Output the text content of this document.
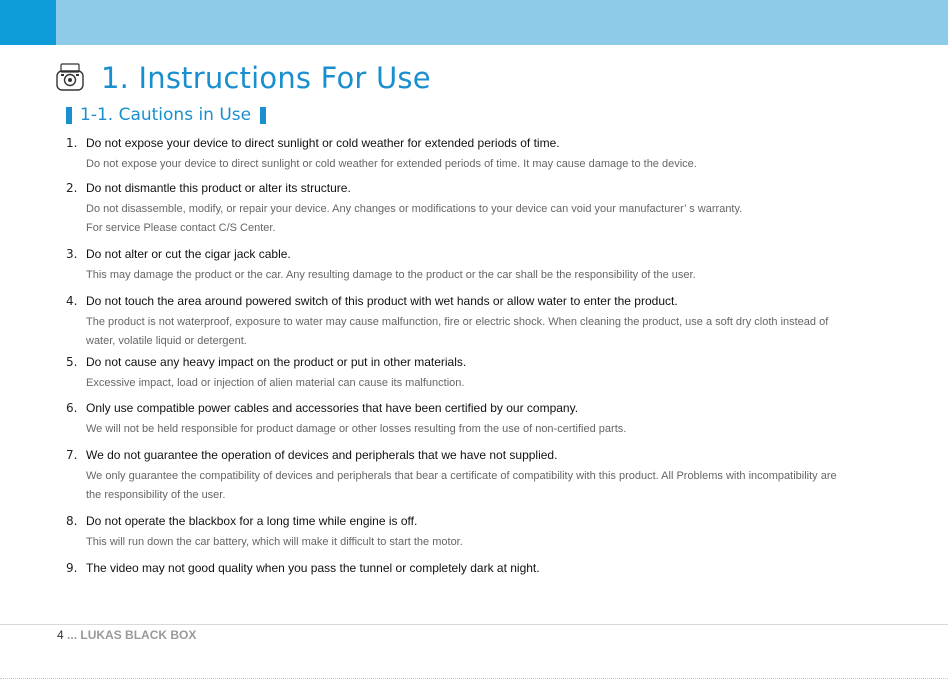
1. Instructions For Use
1-1. Cautions in Use
1. Do not expose your device to direct sunlight or cold weather for extended periods of time.
Do not expose your device to direct sunlight or cold weather for extended periods of time. It may cause damage to the device.
2. Do not dismantle this product or alter its structure.
Do not disassemble, modify, or repair your device. Any changes or modifications to your device can void your manufacturer’ s warranty.
For service Please contact C/S Center.
3. Do not alter or cut the cigar jack cable.
This may damage the product or the car. Any resulting damage to the product or the car shall be the responsibility of the user.
4. Do not touch the area around powered switch of this product with wet hands or allow water to enter the product.
The product is not waterproof, exposure to water may cause malfunction, fire or electric shock. When cleaning the product, use a soft dry cloth instead of
water, volatile liquid or detergent.
5. Do not cause any heavy impact on the product or put in other materials.
Excessive impact, load or injection of alien material can cause its malfunction.
6. Only use compatible power cables and accessories that have been certified by our company.
We will not be held responsible for product damage or other losses resulting from the use of non-certified parts.
7. We do not guarantee the operation of devices and peripherals that we have not supplied.
We only guarantee the compatibility of devices and peripherals that bear a certificate of compatibility with this product. All Problems with incompatibility are
the responsibility of the user.
8. Do not operate the blackbox for a long time while engine is off.
This will run down the car battery, which will make it difficult to start the motor.
9. The video may not good quality when you pass the tunnel or completely dark at night.
4 ... LUKAS BLACK BOX
